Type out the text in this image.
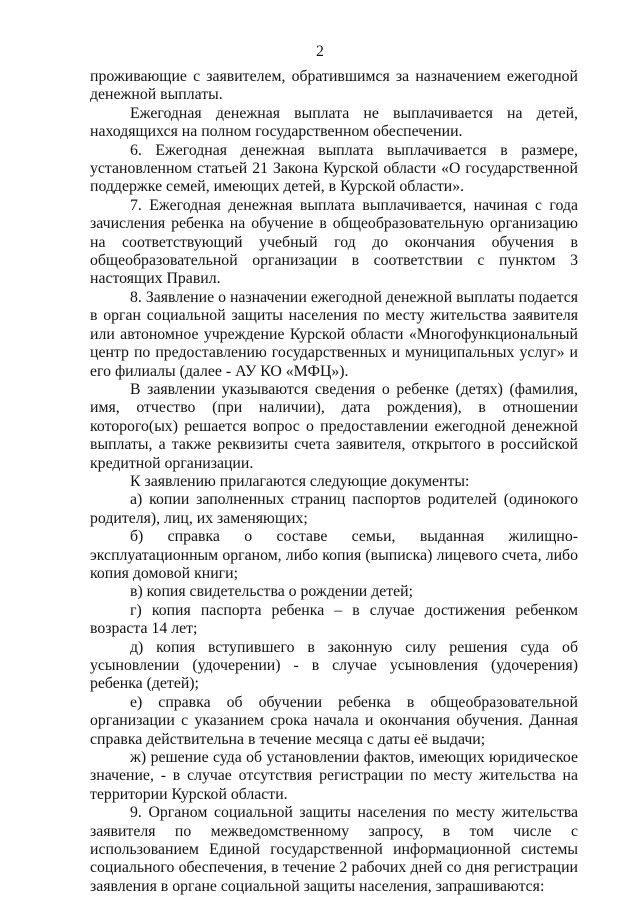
2

проживающие с заявителем, обратившимся за назначением ежегодной денежной выплаты.

Ежегодная денежная выплата не выплачивается на детей, находящихся на полном государственном обеспечении.

6. Ежегодная денежная выплата выплачивается в размере, установленном статьей 21 Закона Курской области «О государственной поддержке семей, имеющих детей, в Курской области».

7. Ежегодная денежная выплата выплачивается, начиная с года зачисления ребенка на обучение в общеобразовательную организацию на соответствующий учебный год до окончания обучения в общеобразовательной организации в соответствии с пунктом 3 настоящих Правил.

8. Заявление о назначении ежегодной денежной выплаты подается в орган социальной защиты населения по месту жительства заявителя или автономное учреждение Курской области «Многофункциональный центр по предоставлению государственных и муниципальных услуг» и его филиалы (далее - АУ КО «МФЦ»).

В заявлении указываются сведения о ребенке (детях) (фамилия, имя, отчество (при наличии), дата рождения), в отношении которого(ых) решается вопрос о предоставлении ежегодной денежной выплаты, а также реквизиты счета заявителя, открытого в российской кредитной организации.

К заявлению прилагаются следующие документы:

а) копии заполненных страниц паспортов родителей (одинокого родителя), лиц, их заменяющих;

б) справка о составе семьи, выданная жилищно-эксплуатационным органом, либо копия (выписка) лицевого счета, либо копия домовой книги;

в) копия свидетельства о рождении детей;

г) копия паспорта ребенка – в случае достижения ребенком возраста 14 лет;

д) копия вступившего в законную силу решения суда об усыновлении (удочерении) - в случае усыновления (удочерения) ребенка (детей);

е) справка об обучении ребенка в общеобразовательной организации с указанием срока начала и окончания обучения. Данная справка действительна в течение месяца с даты её выдачи;

ж) решение суда об установлении фактов, имеющих юридическое значение, - в случае отсутствия регистрации по месту жительства на территории Курской области.

9. Органом социальной защиты населения по месту жительства заявителя по межведомственному запросу, в том числе с использованием Единой государственной информационной системы социального обеспечения, в течение 2 рабочих дней со дня регистрации заявления в органе социальной защиты населения, запрашиваются:
